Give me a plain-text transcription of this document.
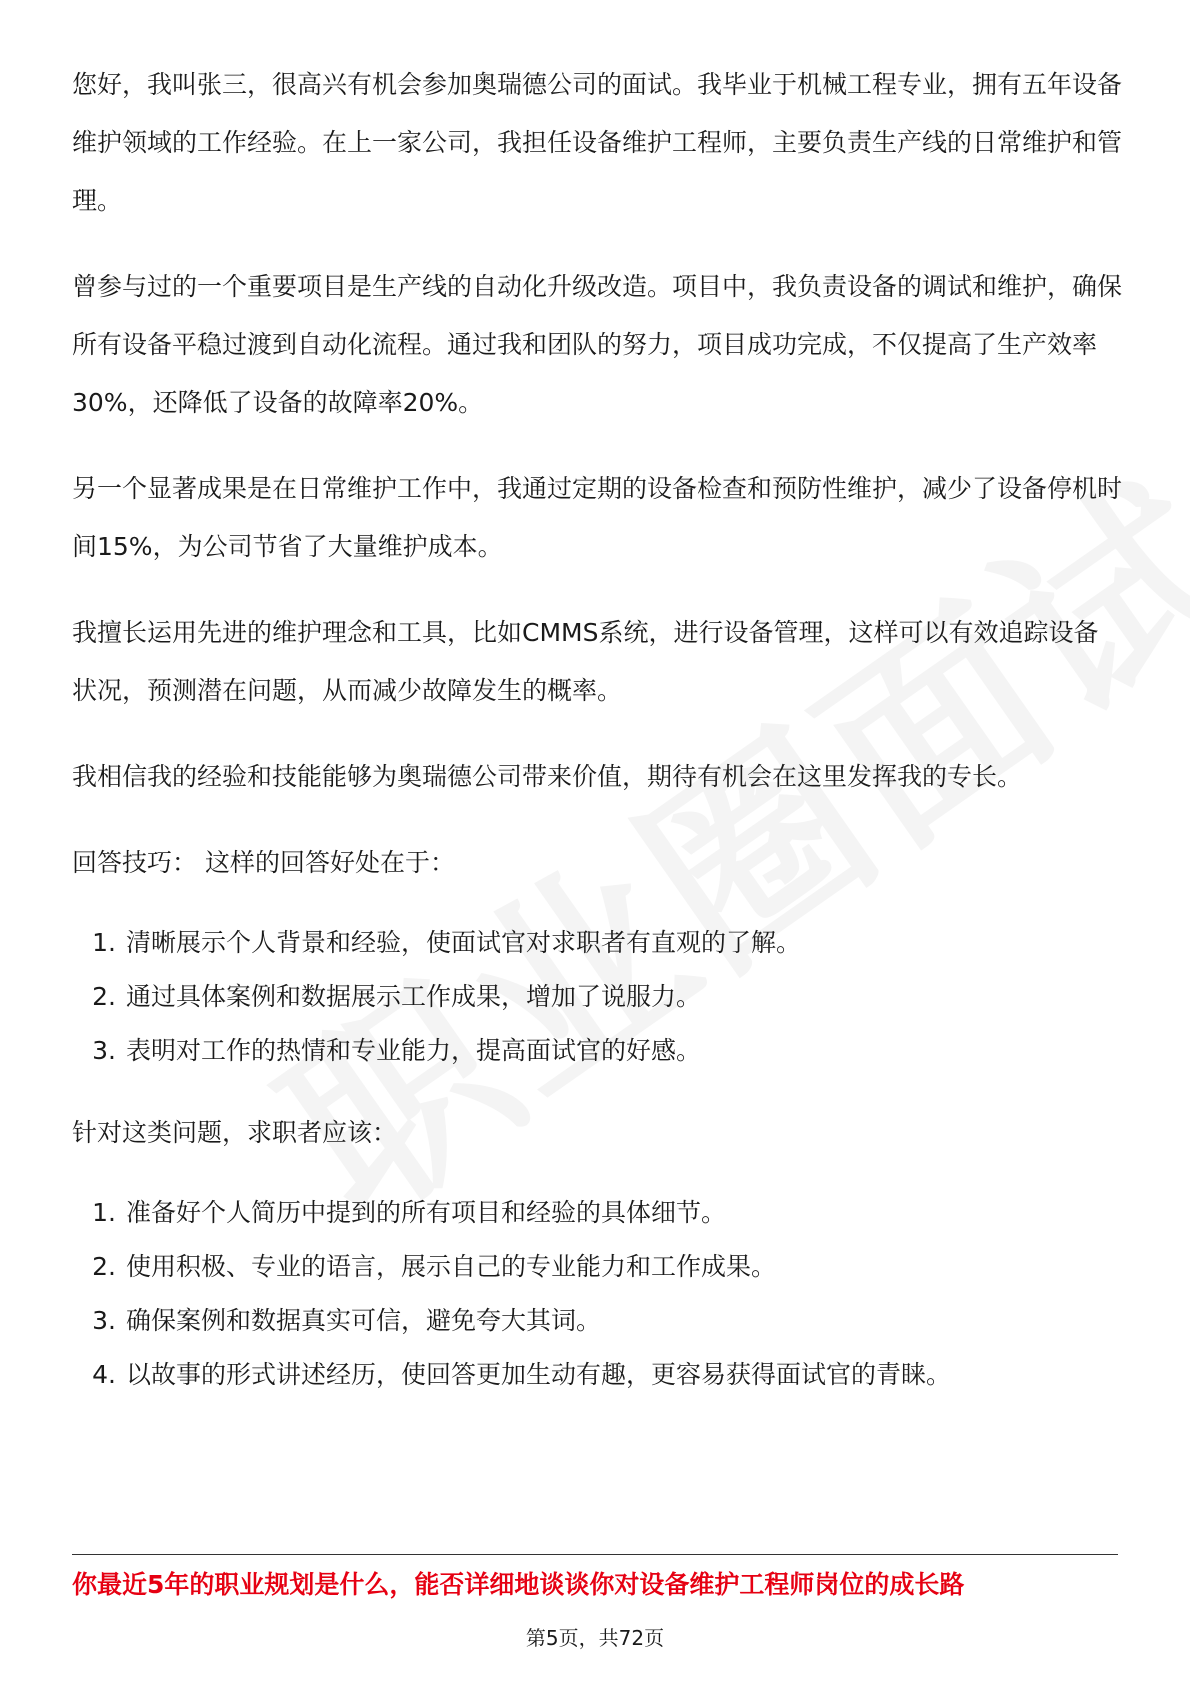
您好，我叫张三，很高兴有机会参加奥瑞德公司的面试。我毕业于机械工程专业，拥有五年设备维护领域的工作经验。在上一家公司，我担任设备维护工程师，主要负责生产线的日常维护和管理。

曾参与过的一个重要项目是生产线的自动化升级改造。项目中，我负责设备的调试和维护，确保所有设备平稳过渡到自动化流程。通过我和团队的努力，项目成功完成，不仅提高了生产效率30%，还降低了设备的故障率20%。

另一个显著成果是在日常维护工作中，我通过定期的设备检查和预防性维护，减少了设备停机时间15%，为公司节省了大量维护成本。

我擅长运用先进的维护理念和工具，比如CMMS系统，进行设备管理，这样可以有效追踪设备状况，预测潜在问题，从而减少故障发生的概率。

我相信我的经验和技能能够为奥瑞德公司带来价值，期待有机会在这里发挥我的专长。

回答技巧： 这样的回答好处在于：

1. 清晰展示个人背景和经验，使面试官对求职者有直观的了解。
2. 通过具体案例和数据展示工作成果，增加了说服力。
3. 表明对工作的热情和专业能力，提高面试官的好感。

针对这类问题，求职者应该：

1. 准备好个人简历中提到的所有项目和经验的具体细节。
2. 使用积极、专业的语言，展示自己的专业能力和工作成果。
3. 确保案例和数据真实可信，避免夸大其词。
4. 以故事的形式讲述经历，使回答更加生动有趣，更容易获得面试官的青睐。
你最近5年的职业规划是什么，能否详细地谈谈你对设备维护工程师岗位的成长路
第5页，共72页
